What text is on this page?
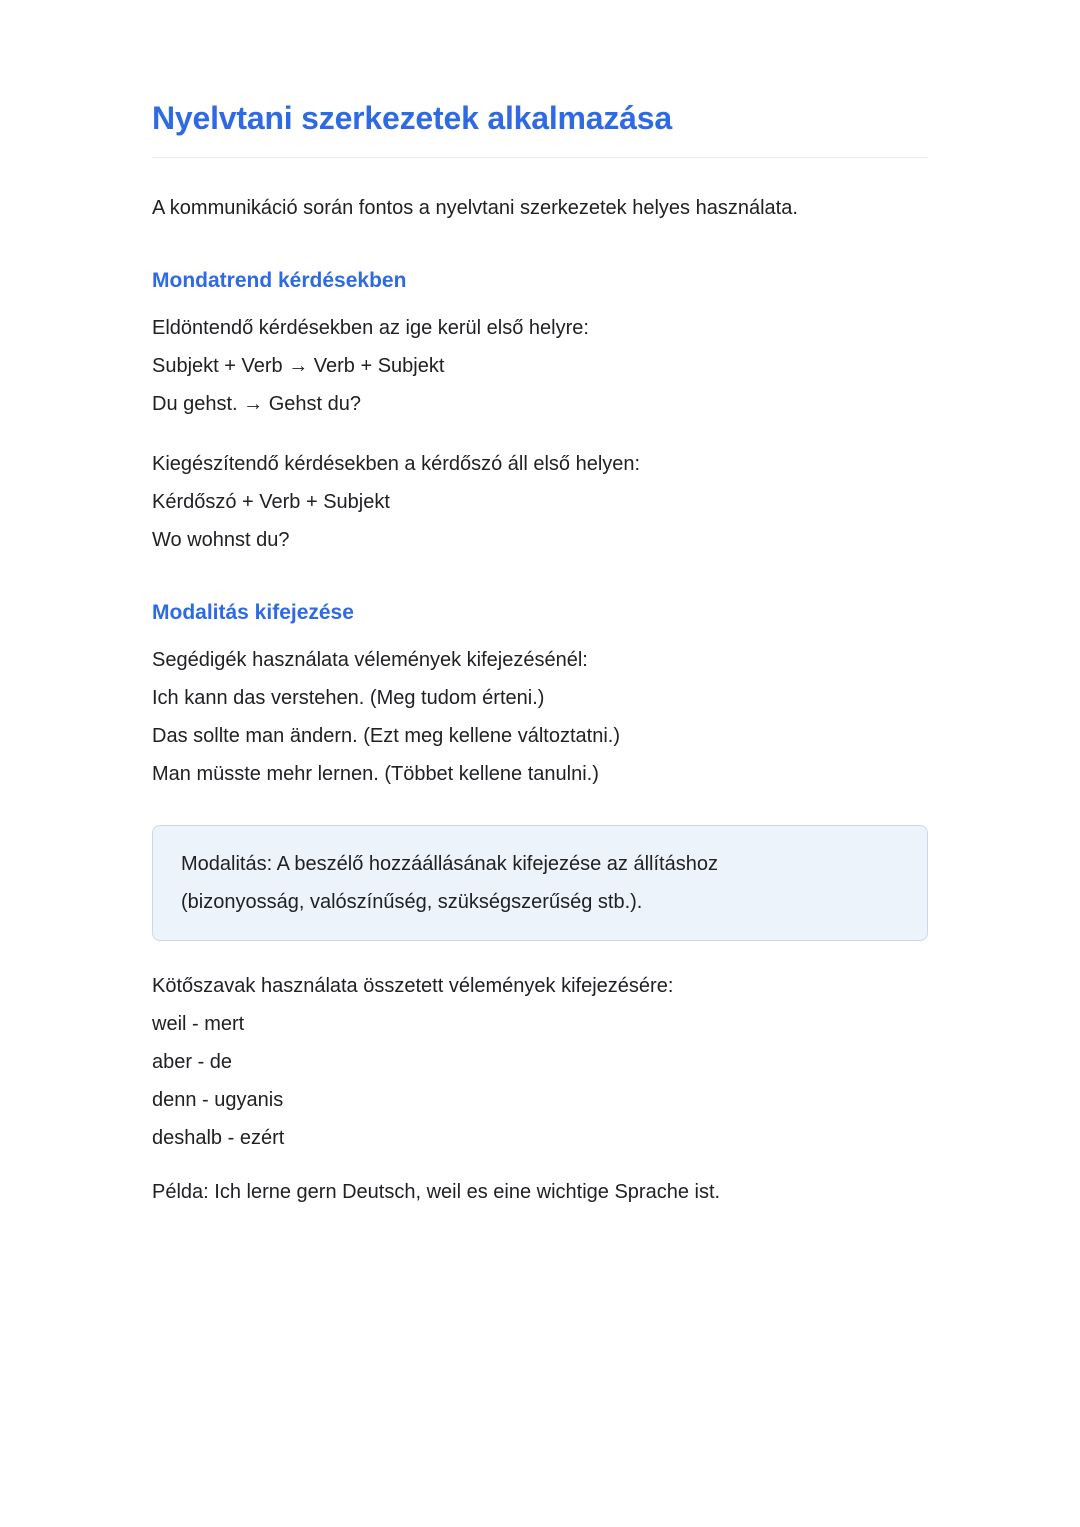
Nyelvtani szerkezetek alkalmazása

A kommunikáció során fontos a nyelvtani szerkezetek helyes használata.

Mondatrend kérdésekben

Eldöntendő kérdésekben az ige kerül első helyre:
Subjekt + Verb → Verb + Subjekt
Du gehst. → Gehst du?

Kiegészítendő kérdésekben a kérdőszó áll első helyen:
Kérdőszó + Verb + Subjekt
Wo wohnst du?

Modalitás kifejezése

Segédigék használata vélemények kifejezésénél:
Ich kann das verstehen. (Meg tudom érteni.)
Das sollte man ändern. (Ezt meg kellene változtatni.)
Man müsste mehr lernen. (Többet kellene tanulni.)

Modalitás: A beszélő hozzáállásának kifejezése az állításhoz
(bizonyosság, valószínűség, szükségszerűség stb.).

Kötőszavak használata összetett vélemények kifejezésére:
weil - mert
aber - de
denn - ugyanis
deshalb - ezért

Példa: Ich lerne gern Deutsch, weil es eine wichtige Sprache ist.
